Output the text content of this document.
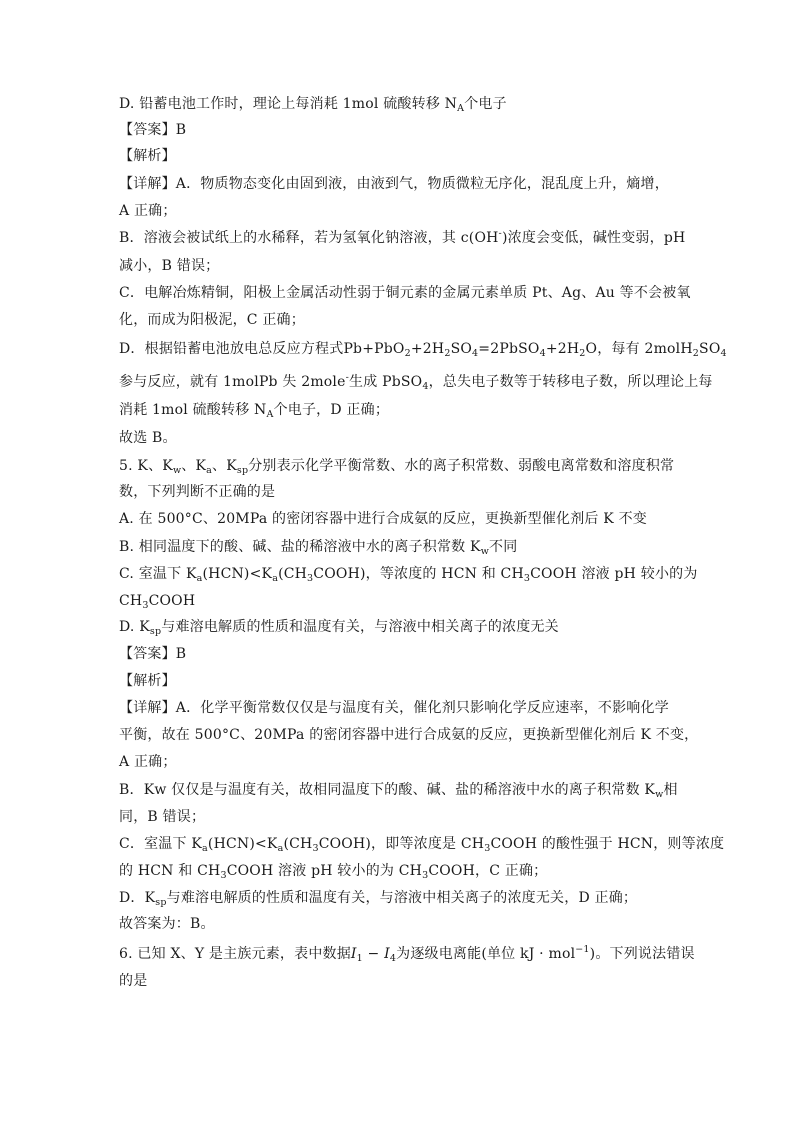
D. 铅蓄电池工作时，理论上每消耗 1mol 硫酸转移 $N_A$个电子
【答案】B
【解析】
【详解】A．物质物态变化由固到液，由液到气，物质微粒无序化，混乱度上升，熵增，
A 正确；
B．溶液会被试纸上的水稀释，若为氢氧化钠溶液，其 c(OH-)浓度会变低，碱性变弱，pH
减小，B 错误；
C．电解冶炼精铜，阳极上金属活动性弱于铜元素的金属元素单质 Pt、Ag、Au 等不会被氧
化，而成为阳极泥，C 正确；
D．根据铅蓄电池放电总反应方程式$Pb+PbO_2+2H_2SO_4=2PbSO_4+2H_2O$，每有 $2molH_2SO_4$
参与反应，就有 1molPb 失 2mole-生成 PbSO$_4$，总失电子数等于转移电子数，所以理论上每
消耗 1mol 硫酸转移 $N_A$个电子，D 正确；
故选 B。
5. K、$K_w$、$K_a$、$K_{sp}$分别表示化学平衡常数、水的离子积常数、弱酸电离常数和溶度积常
数，下列判断不正确的是
A. 在 500°C、20MPa 的密闭容器中进行合成氨的反应，更换新型催化剂后 K 不变
B. 相同温度下的酸、碱、盐的稀溶液中水的离子积常数 $K_w$不同
C. 室温下 $K_a(HCN)<K_a(CH_3COOH)$，等浓度的 HCN 和 $CH_3COOH$ 溶液 pH 较小的为
$CH_3COOH$
D. $K_{sp}$与难溶电解质的性质和温度有关，与溶液中相关离子的浓度无关
【答案】B
【解析】
【详解】A．化学平衡常数仅仅是与温度有关，催化剂只影响化学反应速率，不影响化学
平衡，故在 500°C、20MPa 的密闭容器中进行合成氨的反应，更换新型催化剂后 K 不变，
A 正确；
B．Kw 仅仅是与温度有关，故相同温度下的酸、碱、盐的稀溶液中水的离子积常数 $K_w$相
同，B 错误；
C．室温下 $K_a(HCN)<K_a(CH_3COOH)$，即等浓度是 $CH_3COOH$ 的酸性强于 HCN，则等浓度
的 HCN 和 $CH_3COOH$ 溶液 pH 较小的为 $CH_3COOH$，C 正确；
D．$K_{sp}$与难溶电解质的性质和温度有关，与溶液中相关离子的浓度无关，D 正确；
故答案为：B。
6. 已知 X、Y 是主族元素，表中数据$I_1 - I_4$为逐级电离能(单位 kJ · mol$^{-1}$)。下列说法错误
的是
